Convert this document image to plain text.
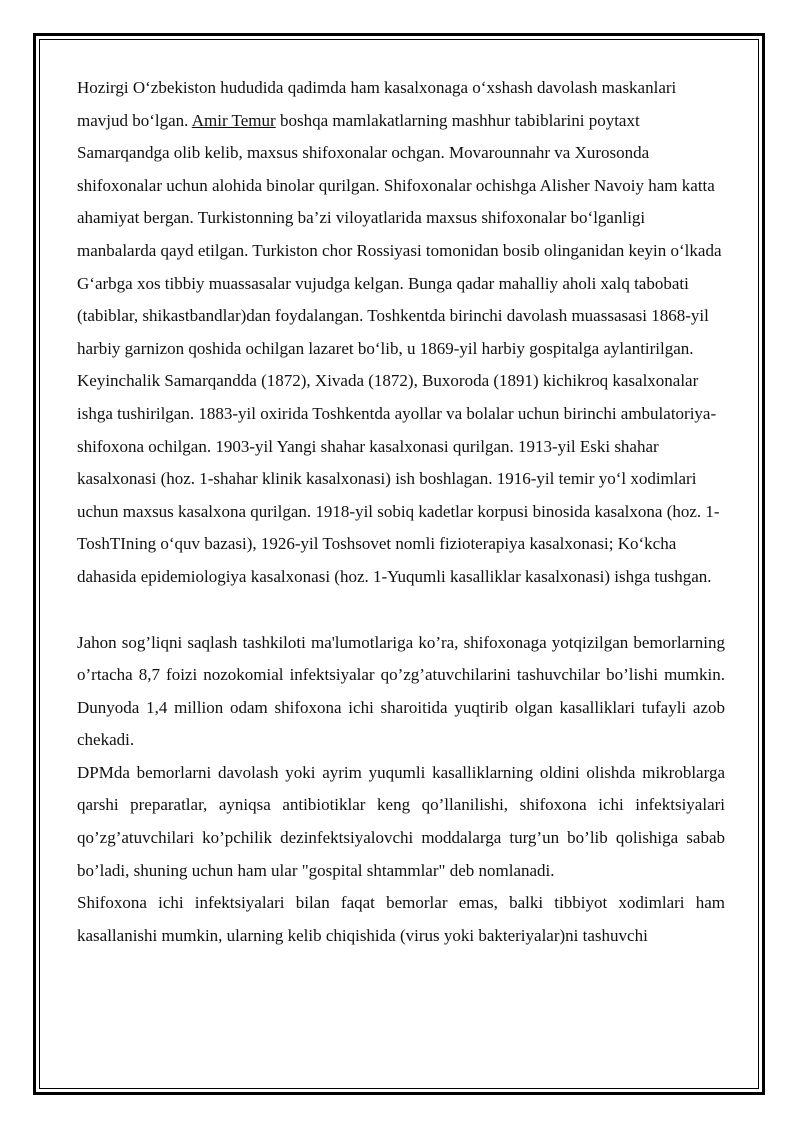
Hozirgi O‘zbekiston hududida qadimda ham kasalxonaga o‘xshash davolash maskanlari mavjud bo‘lgan. Amir Temur boshqa mamlakatlarning mashhur tabiblarini poytaxt Samarqandga olib kelib, maxsus shifoxonalar ochgan. Movarounnahr va Xurosonda shifoxonalar uchun alohida binolar qurilgan. Shifoxonalar ochishga Alisher Navoiy ham katta ahamiyat bergan. Turkistonning ba’zi viloyatlarida maxsus shifoxonalar bo‘lganligi manbalarda qayd etilgan. Turkiston chor Rossiyasi tomonidan bosib olinganidan keyin o‘lkada G‘arbga xos tibbiy muassasalar vujudga kelgan. Bunga qadar mahalliy aholi xalq tabobati (tabiblar, shikastbandlar)dan foydalangan. Toshkentda birinchi davolash muassasasi 1868-yil harbiy garnizon qoshida ochilgan lazaret bo‘lib, u 1869-yil harbiy gospitalga aylantirilgan. Keyinchalik Samarqandda (1872), Xivada (1872), Buxoroda (1891) kichikroq kasalxonalar ishga tushirilgan. 1883-yil oxirida Toshkentda ayollar va bolalar uchun birinchi ambulatoriya-shifoxona ochilgan. 1903-yil Yangi shahar kasalxonasi qurilgan. 1913-yil Eski shahar kasalxonasi (hoz. 1-shahar klinik kasalxonasi) ish boshlagan. 1916-yil temir yo‘l xodimlari uchun maxsus kasalxona qurilgan. 1918-yil sobiq kadetlar korpusi binosida kasalxona (hoz. 1-ToshTIning o‘quv bazasi), 1926-yil Toshsovet nomli fizioterapiya kasalxonasi; Ko‘kcha dahasida epidemiologiya kasalxonasi (hoz. 1-Yuqumli kasalliklar kasalxonasi) ishga tushgan.

Jahon sog’liqni saqlash tashkiloti ma'lumotlariga ko’ra, shifoxonaga yotqizilgan bemorlarning o’rtacha 8,7 foizi nozokomial infektsiyalar qo’zg’atuvchilarini tashuvchilar bo’lishi mumkin. Dunyoda 1,4 million odam shifoxona ichi sharoitida yuqtirib olgan kasalliklari tufayli azob chekadi.

DPMda bemorlarni davolash yoki ayrim yuqumli kasalliklarning oldini olishda mikroblarga qarshi preparatlar, ayniqsa antibiotiklar keng qo’llanilishi, shifoxona ichi infektsiyalari qo’zg’atuvchilari ko’pchilik dezinfektsiyalovchi moddalarga turg’un bo’lib qolishiga sabab bo’ladi, shuning uchun ham ular "gospital shtammlar" deb nomlanadi.

Shifoxona ichi infektsiyalari bilan faqat bemorlar emas, balki tibbiyot xodimlari ham kasallanishi mumkin, ularning kelib chiqishida (virus yoki bakteriyalar)ni tashuvchi
